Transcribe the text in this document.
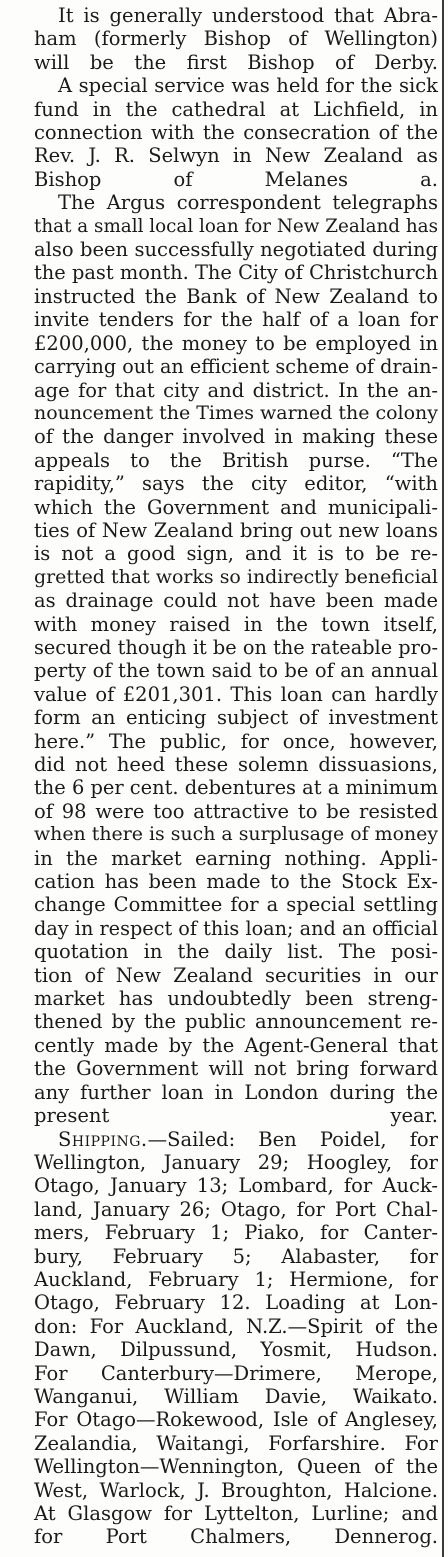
It is generally understood that Abra-
ham (formerly Bishop of Wellington)
will be the first Bishop of Derby.

A special service was held for the sick
fund in the cathedral at Lichfield, in
connection with the consecration of the
Rev. J. R. Selwyn in New Zealand as
Bishop of Melanes a.

The Argus correspondent telegraphs
that a small local loan for New Zealand has
also been successfully negotiated during
the past month. The City of Christchurch
instructed the Bank of New Zealand to
invite tenders for the half of a loan for
£200,000, the money to be employed in
carrying out an efficient scheme of drain-
age for that city and district. In the an-
nouncement the Times warned the colony
of the danger involved in making these
appeals to the British purse. “The
rapidity,” says the city editor, “with
which the Government and municipali-
ties of New Zealand bring out new loans
is not a good sign, and it is to be re-
gretted that works so indirectly beneficial
as drainage could not have been made
with money raised in the town itself,
secured though it be on the rateable pro-
perty of the town said to be of an annual
value of £201,301. This loan can hardly
form an enticing subject of investment
here.” The public, for once, however,
did not heed these solemn dissuasions,
the 6 per cent. debentures at a minimum
of 98 were too attractive to be resisted
when there is such a surplusage of money
in the market earning nothing. Appli-
cation has been made to the Stock Ex-
change Committee for a special settling
day in respect of this loan; and an official
quotation in the daily list. The posi-
tion of New Zealand securities in our
market has undoubtedly been streng-
thened by the public announcement re-
cently made by the Agent-General that
the Government will not bring forward
any further loan in London during the
present year.

Shipping.—Sailed: Ben Poidel, for
Wellington, January 29; Hoogley, for
Otago, January 13; Lombard, for Auck-
land, January 26; Otago, for Port Chal-
mers, February 1; Piako, for Canter-
bury, February 5; Alabaster, for
Auckland, February 1; Hermione, for
Otago, February 12. Loading at Lon-
don: For Auckland, N.Z.—Spirit of the
Dawn, Dilpussund, Yosmit, Hudson.
For Canterbury—Drimere, Merope,
Wanganui, William Davie, Waikato.
For Otago—Rokewood, Isle of Anglesey,
Zealandia, Waitangi, Forfarshire. For
Wellington—Wennington, Queen of the
West, Warlock, J. Broughton, Halcione.
At Glasgow for Lyttelton, Lurline; and
for Port Chalmers, Dennerog.
